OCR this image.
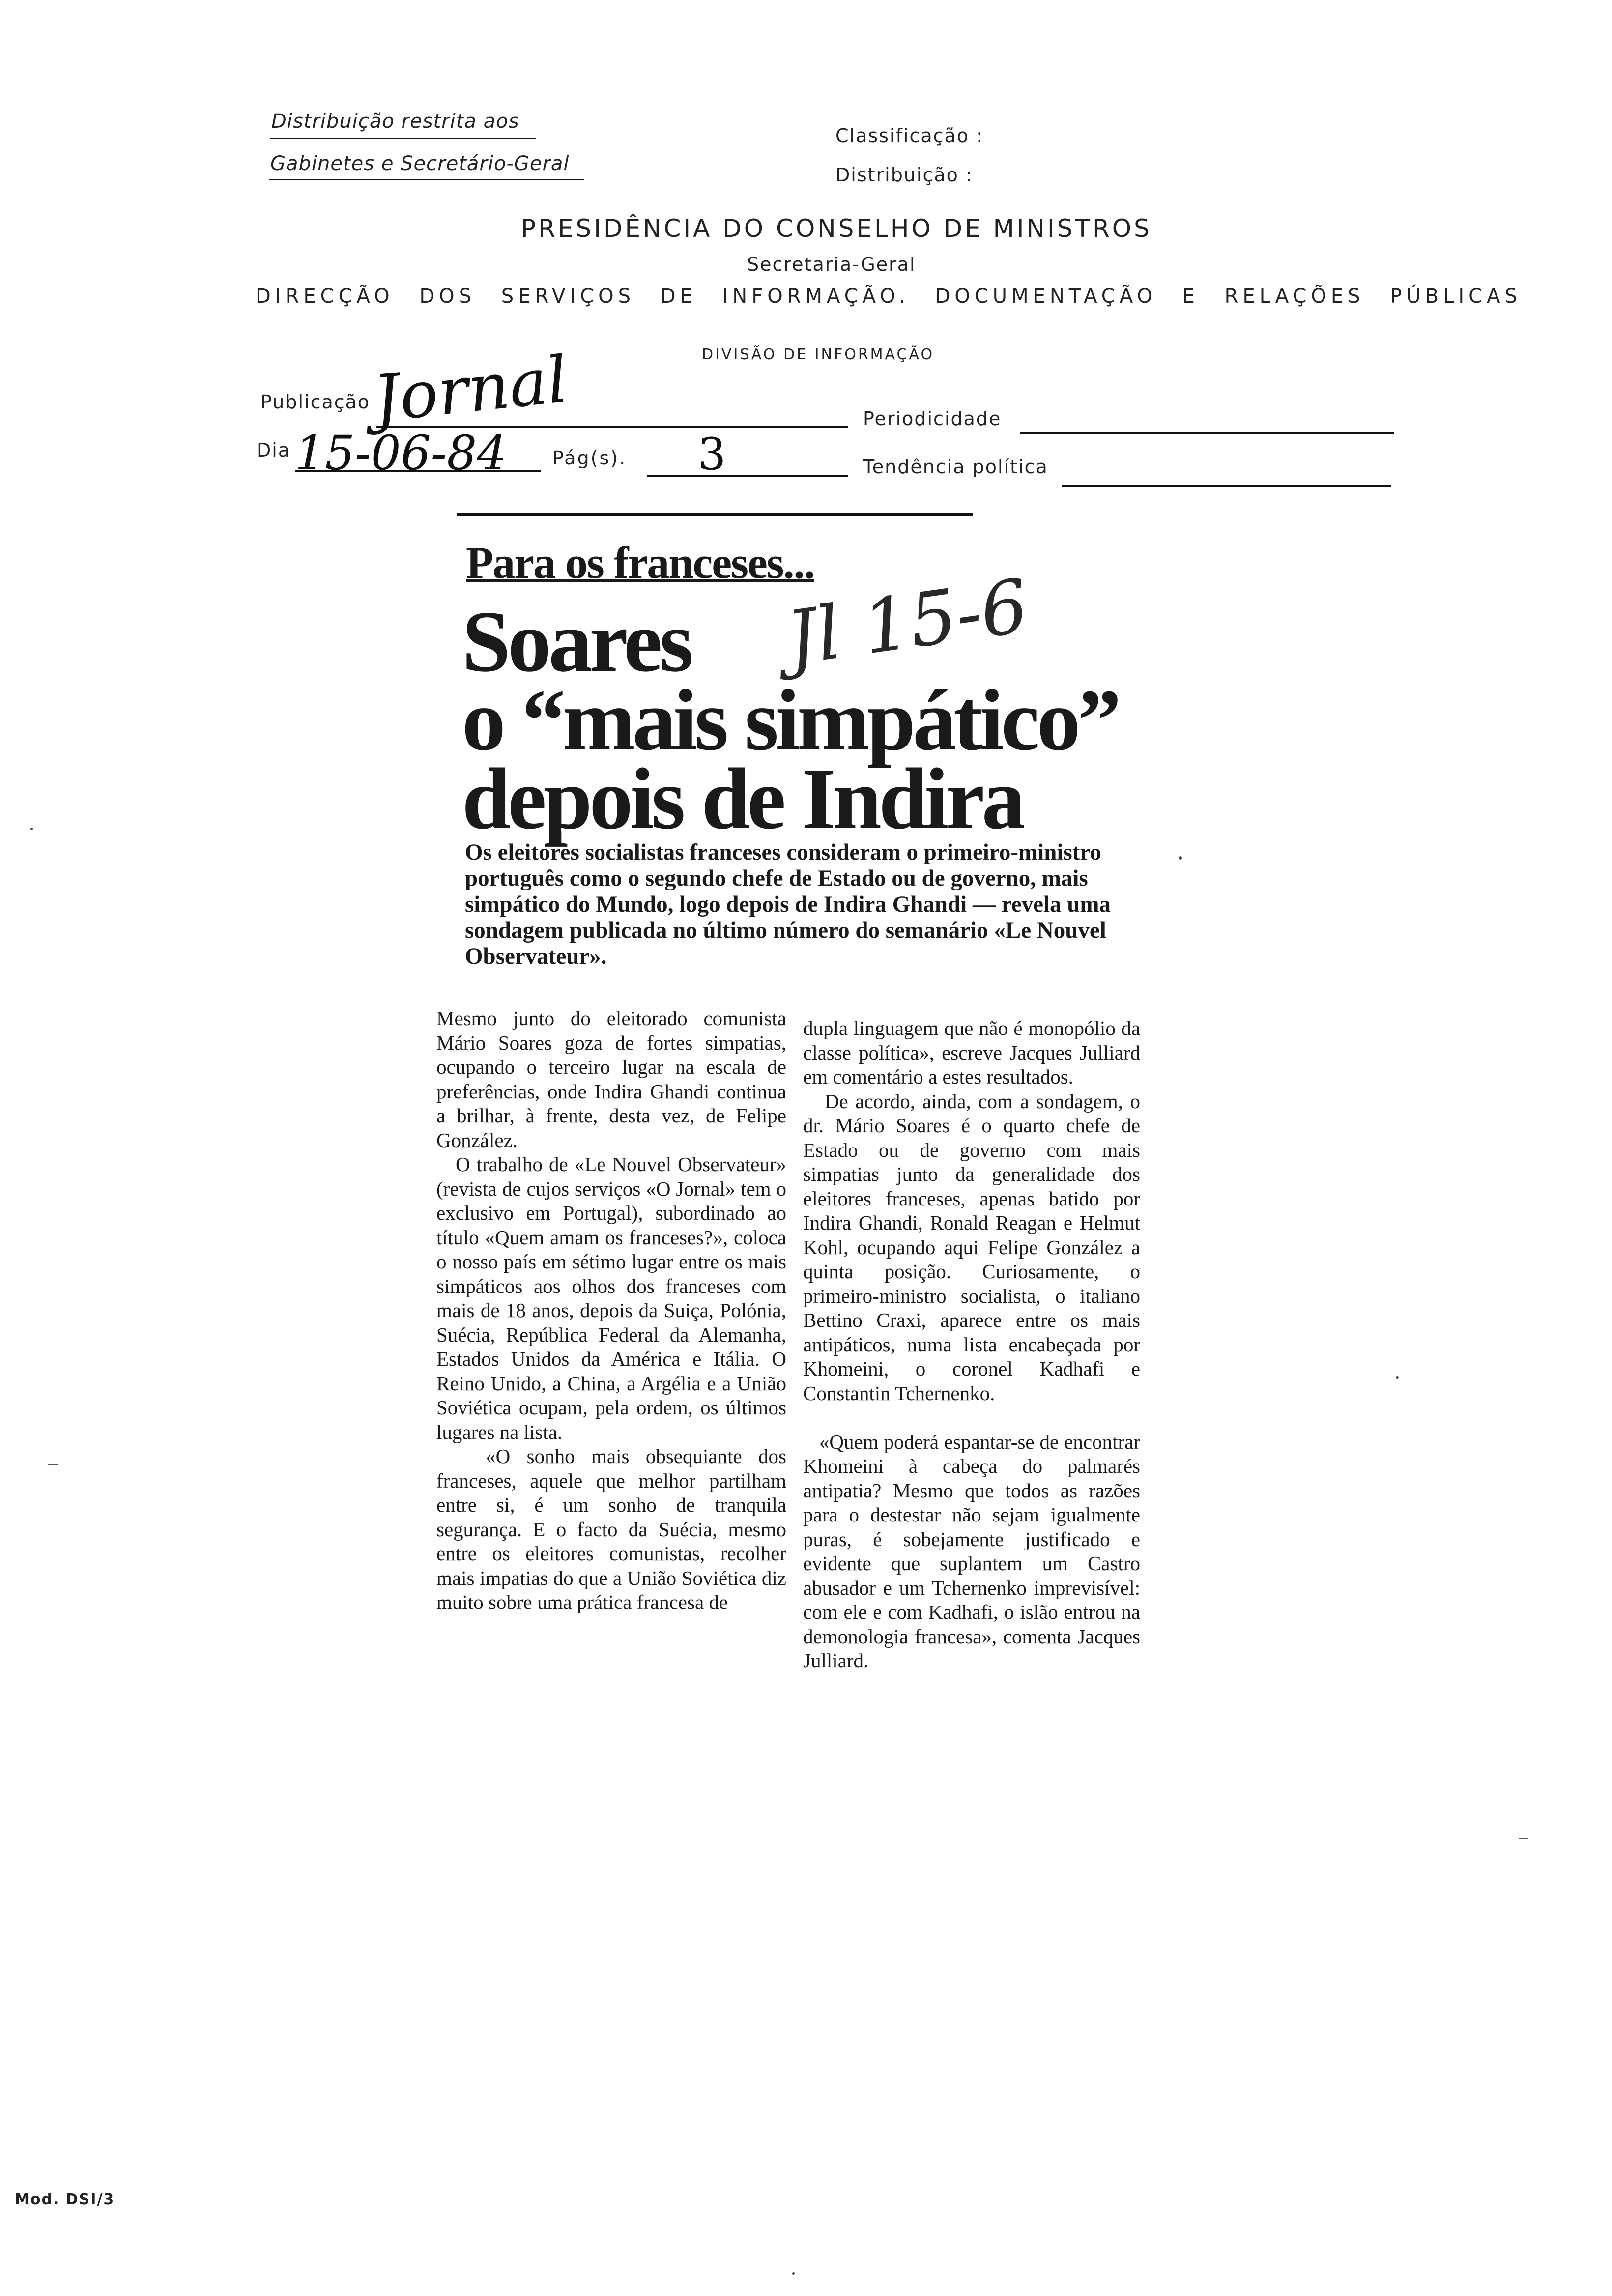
Distribuição restrita aos
Gabinetes e Secretário-Geral
Classificação :
Distribuição :
PRESIDÊNCIA DO CONSELHO DE MINISTROS
Secretaria-Geral
DIRECÇÃO DOS SERVIÇOS DE INFORMAÇÃO. DOCUMENTAÇÃO E RELAÇÕES PÚBLICAS
DIVISÃO DE INFORMAÇÃO
Publicação Jornal	Periodicidade
Dia 15-06-84 Pág(s). 3	Tendência política
Para os franceses...
Jl 15-6
Soares
o “mais simpático”
depois de Indira
Os eleitores socialistas franceses consideram o primeiro-ministro português como o segundo chefe de Estado ou de governo, mais simpático do Mundo, logo depois de Indira Ghandi — revela uma sondagem publicada no último número do semanário «Le Nouvel Observateur».
Mesmo junto do eleitorado comunista Mário Soares goza de fortes simpatias, ocupando o terceiro lugar na escala de preferências, onde Indira Ghandi continua a brilhar, à frente, desta vez, de Felipe González.
O trabalho de «Le Nouvel Observateur» (revista de cujos serviços «O Jornal» tem o exclusivo em Portugal), subordinado ao título «Quem amam os franceses?», coloca o nosso país em sétimo lugar entre os mais simpáticos aos olhos dos franceses com mais de 18 anos, depois da Suiça, Polónia, Suécia, República Federal da Alemanha, Estados Unidos da América e Itália. O Reino Unido, a China, a Argélia e a União Soviética ocupam, pela ordem, os últimos lugares na lista.
«O sonho mais obsequiante dos franceses, aquele que melhor partilham entre si, é um sonho de tranquila segurança. E o facto da Suécia, mesmo entre os eleitores comunistas, recolher mais impatias do que a União Soviética diz muito sobre uma prática francesa de
dupla linguagem que não é monopólio da classe política», escreve Jacques Julliard em comentário a estes resultados.
De acordo, ainda, com a sondagem, o dr. Mário Soares é o quarto chefe de Estado ou de governo com mais simpatias junto da generalidade dos eleitores franceses, apenas batido por Indira Ghandi, Ronald Reagan e Helmut Kohl, ocupando aqui Felipe González a quinta posição. Curiosamente, o primeiro-ministro socialista, o italiano Bettino Craxi, aparece entre os mais antipáticos, numa lista encabeçada por Khomeini, o coronel Kadhafi e Constantin Tchernenko.

«Quem poderá espantar-se de encontrar Khomeini à cabeça do palmarés antipatia? Mesmo que todos as razões para o destestar não sejam igualmente puras, é sobejamente justificado e evidente que suplantem um Castro abusador e um Tchernenko imprevisível: com ele e com Kadhafi, o islão entrou na demonologia francesa», comenta Jacques Julliard.
Mod. DSI/3
